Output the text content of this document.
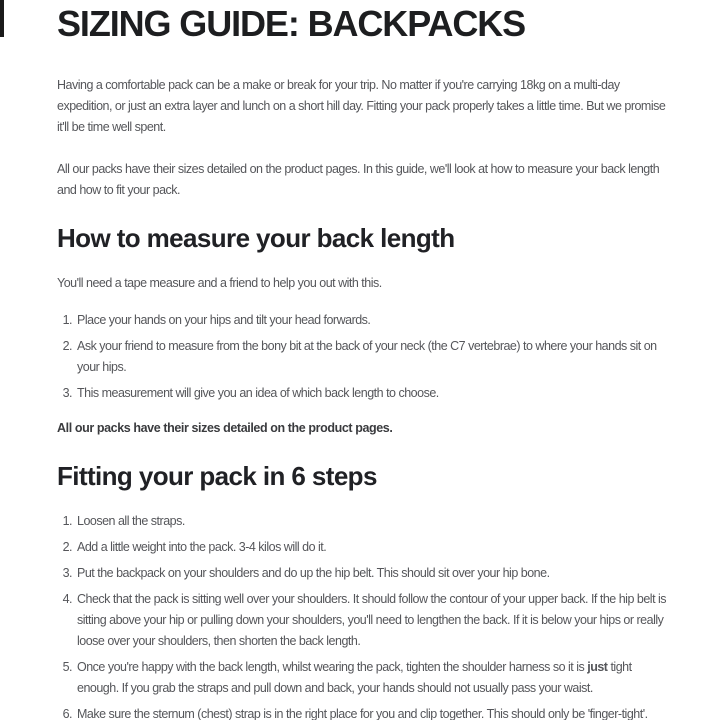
SIZING GUIDE: BACKPACKS

Having a comfortable pack can be a make or break for your trip. No matter if you're carrying 18kg on a multi-day expedition, or just an extra layer and lunch on a short hill day. Fitting your pack properly takes a little time. But we promise it'll be time well spent.

All our packs have their sizes detailed on the product pages. In this guide, we'll look at how to measure your back length and how to fit your pack.

How to measure your back length

You'll need a tape measure and a friend to help you out with this.

1. Place your hands on your hips and tilt your head forwards.
2. Ask your friend to measure from the bony bit at the back of your neck (the C7 vertebrae) to where your hands sit on your hips.
3. This measurement will give you an idea of which back length to choose.

All our packs have their sizes detailed on the product pages.

Fitting your pack in 6 steps
1. Loosen all the straps.
2. Add a little weight into the pack. 3-4 kilos will do it.
3. Put the backpack on your shoulders and do up the hip belt. This should sit over your hip bone.
4. Check that the pack is sitting well over your shoulders. It should follow the contour of your upper back. If the hip belt is sitting above your hip or pulling down your shoulders, you'll need to lengthen the back. If it is below your hips or really loose over your shoulders, then shorten the back length.
5. Once you're happy with the back length, whilst wearing the pack, tighten the shoulder harness so it is just tight enough. If you grab the straps and pull down and back, your hands should not usually pass your waist.
6. Make sure the sternum (chest) strap is in the right place for you and clip together. This should only be 'finger-tight'.
